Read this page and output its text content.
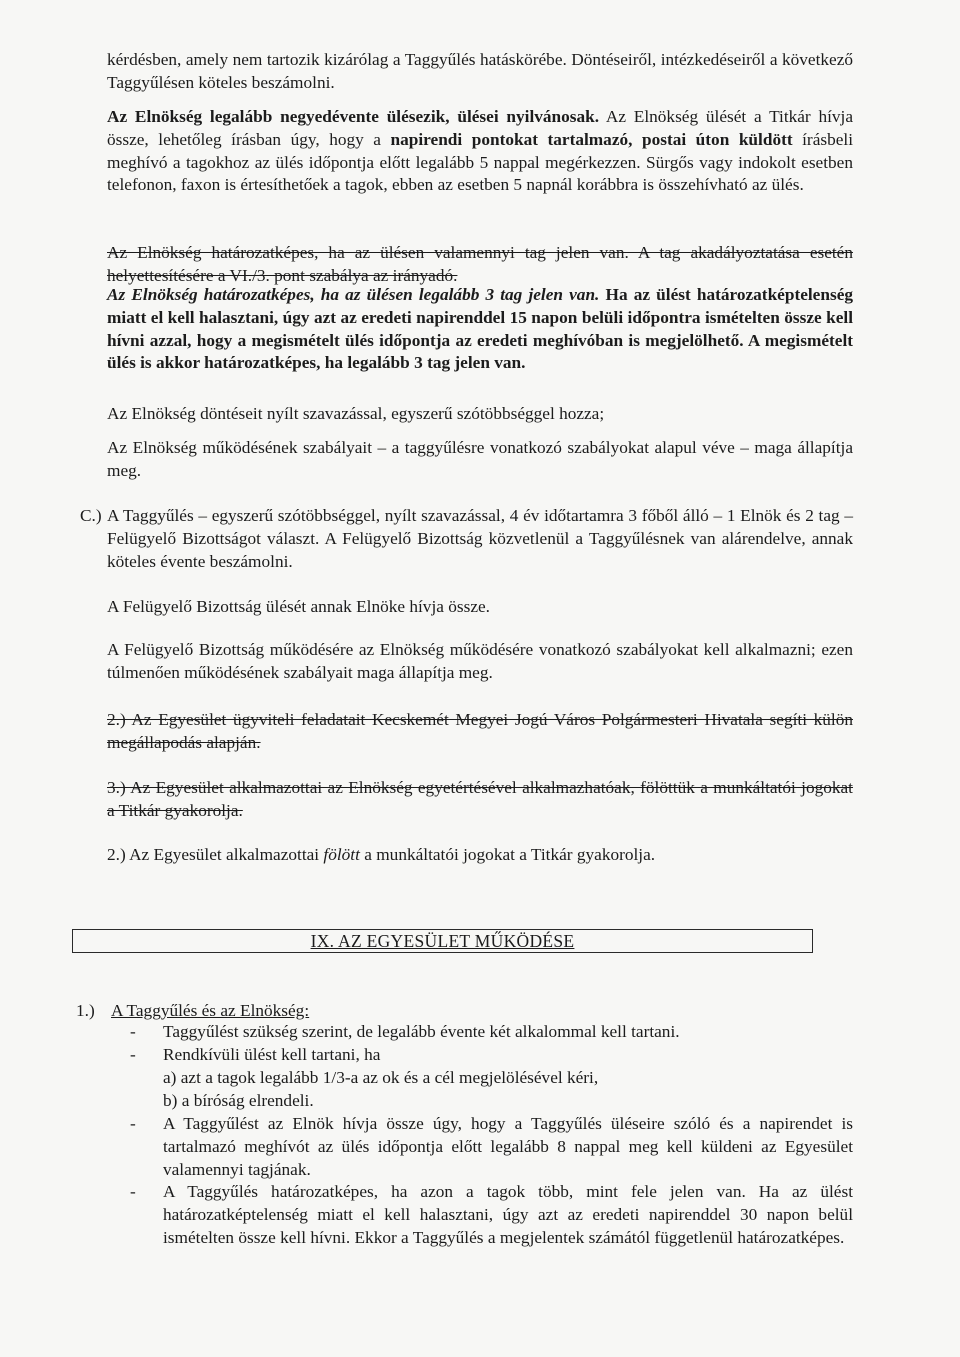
kérdésben, amely nem tartozik kizárólag a Taggyűlés hatáskörébe. Döntéseiről, intézkedéseiről a következő Taggyűlésen köteles beszámolni.

Az Elnökség legalább negyedévente ülésezik, ülései nyilvánosak. Az Elnökség ülését a Titkár hívja össze, lehetőleg írásban úgy, hogy a napirendi pontokat tartalmazó, postai úton küldött írásbeli meghívó a tagokhoz az ülés időpontja előtt legalább 5 nappal megérkezzen. Sürgős vagy indokolt esetben telefonon, faxon is értesíthetőek a tagok, ebben az esetben 5 napnál korábbra is összehívható az ülés.

Az Elnökség határozatképes, ha az ülésen valamennyi tag jelen van. A tag akadályoztatása esetén helyettesítésére a VI./3. pont szabálya az irányadó.

Az Elnökség határozatképes, ha az ülésen legalább 3 tag jelen van. Ha az ülést határozatképtelenség miatt el kell halasztani, úgy azt az eredeti napirenddel 15 napon belüli időpontra ismételten össze kell hívni azzal, hogy a megismételt ülés időpontja az eredeti meghívóban is megjelölhető. A megismételt ülés is akkor határozatképes, ha legalább 3 tag jelen van.

Az Elnökség döntéseit nyílt szavazással, egyszerű szótöbbséggel hozza;

Az Elnökség működésének szabályait – a taggyűlésre vonatkozó szabályokat alapul véve – maga állapítja meg.

C.) A Taggyűlés – egyszerű szótöbbséggel, nyílt szavazással, 4 év időtartamra 3 főből álló – 1 Elnök és 2 tag – Felügyelő Bizottságot választ. A Felügyelő Bizottság közvetlenül a Taggyűlésnek van alárendelve, annak köteles évente beszámolni.

A Felügyelő Bizottság ülését annak Elnöke hívja össze.

A Felügyelő Bizottság működésére az Elnökség működésére vonatkozó szabályokat kell alkalmazni; ezen túlmenően működésének szabályait maga állapítja meg.

2.) Az Egyesület ügyviteli feladatait Kecskemét Megyei Jogú Város Polgármesteri Hivatala segíti külön megállapodás alapján.

3.) Az Egyesület alkalmazottai az Elnökség egyetértésével alkalmazhatóak, fölöttük a munkáltatói jogokat a Titkár gyakorolja.

2.) Az Egyesület alkalmazottai fölött a munkáltatói jogokat a Titkár gyakorolja.

IX. AZ EGYESÜLET MŰKÖDÉSE
1.) A Taggyűlés és az Elnökség:
- Taggyűlést szükség szerint, de legalább évente két alkalommal kell tartani.
- Rendkívüli ülést kell tartani, ha
a) azt a tagok legalább 1/3-a az ok és a cél megjelölésével kéri,
b) a bíróság elrendeli.
- A Taggyűlést az Elnök hívja össze úgy, hogy a Taggyűlés üléseire szóló és a napirendet is tartalmazó meghívót az ülés időpontja előtt legalább 8 nappal meg kell küldeni az Egyesület valamennyi tagjának.
- A Taggyűlés határozatképes, ha azon a tagok több, mint fele jelen van. Ha az ülést határozatképtelenség miatt el kell halasztani, úgy azt az eredeti napirenddel 30 napon belül ismételten össze kell hívni. Ekkor a Taggyűlés a megjelentek számától függetlenül határozatképes.
